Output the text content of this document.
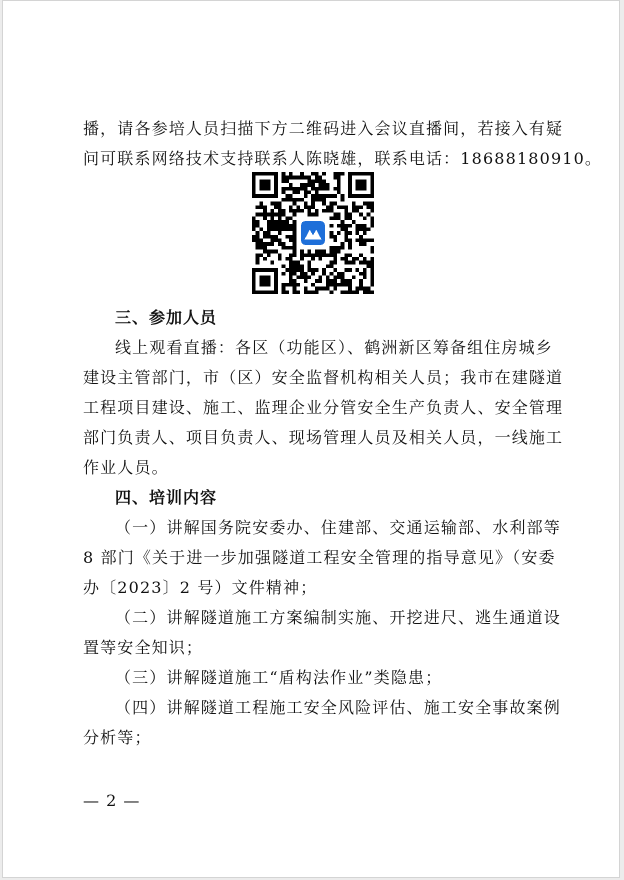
播，请各参培人员扫描下方二维码进入会议直播间，若接入有疑
问可联系网络技术支持联系人陈晓雄，联系电话：18688180910。
三、参加人员
线上观看直播：各区（功能区）、鹤洲新区筹备组住房城乡
建设主管部门，市（区）安全监督机构相关人员；我市在建隧道
工程项目建设、施工、监理企业分管安全生产负责人、安全管理
部门负责人、项目负责人、现场管理人员及相关人员，一线施工
作业人员。
四、培训内容
（一）讲解国务院安委办、住建部、交通运输部、水利部等
8 部门《关于进一步加强隧道工程安全管理的指导意见》（安委
办〔2023〕2 号）文件精神；
（二）讲解隧道施工方案编制实施、开挖进尺、逃生通道设
置等安全知识；
（三）讲解隧道施工“盾构法作业”类隐患；
（四）讲解隧道工程施工安全风险评估、施工安全事故案例
分析等；
— 2 —
